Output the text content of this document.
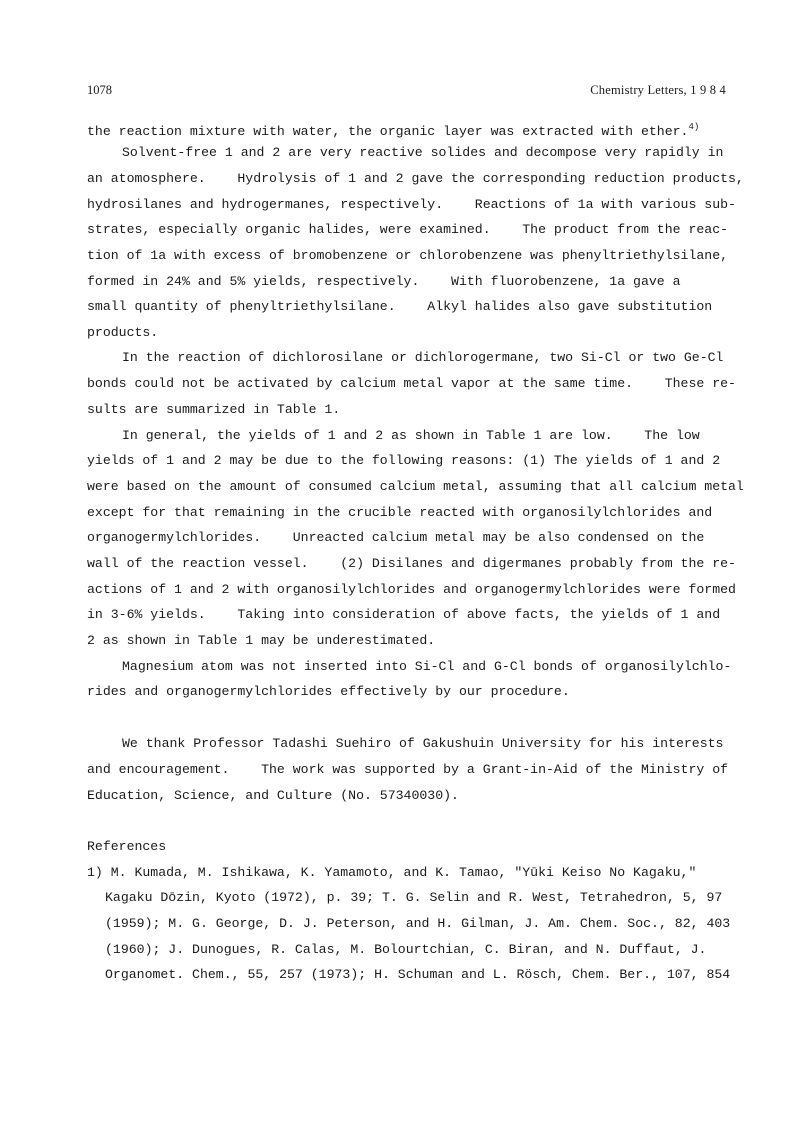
1078	Chemistry Letters, 1 9 8 4
the reaction mixture with water, the organic layer was extracted with ether.$^{4)}$
Solvent-free 1 and 2 are very reactive solides and decompose very rapidly in
an atomosphere.    Hydrolysis of 1 and 2 gave the corresponding reduction products,
hydrosilanes and hydrogermanes, respectively.    Reactions of 1a with various sub-
strates, especially organic halides, were examined.    The product from the reac-
tion of 1a with excess of bromobenzene or chlorobenzene was phenyltriethylsilane,
formed in 24% and 5% yields, respectively.    With fluorobenzene, 1a gave a
small quantity of phenyltriethylsilane.    Alkyl halides also gave substitution
products.
In the reaction of dichlorosilane or dichlorogermane, two Si-Cl or two Ge-Cl
bonds could not be activated by calcium metal vapor at the same time.    These re-
sults are summarized in Table 1.
In general, the yields of 1 and 2 as shown in Table 1 are low.    The low
yields of 1 and 2 may be due to the following reasons: (1) The yields of 1 and 2
were based on the amount of consumed calcium metal, assuming that all calcium metal
except for that remaining in the crucible reacted with organosilylchlorides and
organogermylchlorides.    Unreacted calcium metal may be also condensed on the
wall of the reaction vessel.    (2) Disilanes and digermanes probably from the re-
actions of 1 and 2 with organosilylchlorides and organogermylchlorides were formed
in 3-6% yields.    Taking into consideration of above facts, the yields of 1 and
2 as shown in Table 1 may be underestimated.
Magnesium atom was not inserted into Si-Cl and G-Cl bonds of organosilylchlo-
rides and organogermylchlorides effectively by our procedure.
We thank Professor Tadashi Suehiro of Gakushuin University for his interests
and encouragement.    The work was supported by a Grant-in-Aid of the Ministry of
Education, Science, and Culture (No. 57340030).
References
1) M. Kumada, M. Ishikawa, K. Yamamoto, and K. Tamao, "Yūki Keiso No Kagaku,"
Kagaku Dōzin, Kyoto (1972), p. 39; T. G. Selin and R. West, Tetrahedron, 5, 97
(1959); M. G. George, D. J. Peterson, and H. Gilman, J. Am. Chem. Soc., 82, 403
(1960); J. Dunogues, R. Calas, M. Bolourtchian, C. Biran, and N. Duffaut, J.
Organomet. Chem., 55, 257 (1973); H. Schuman and L. Rösch, Chem. Ber., 107, 854
